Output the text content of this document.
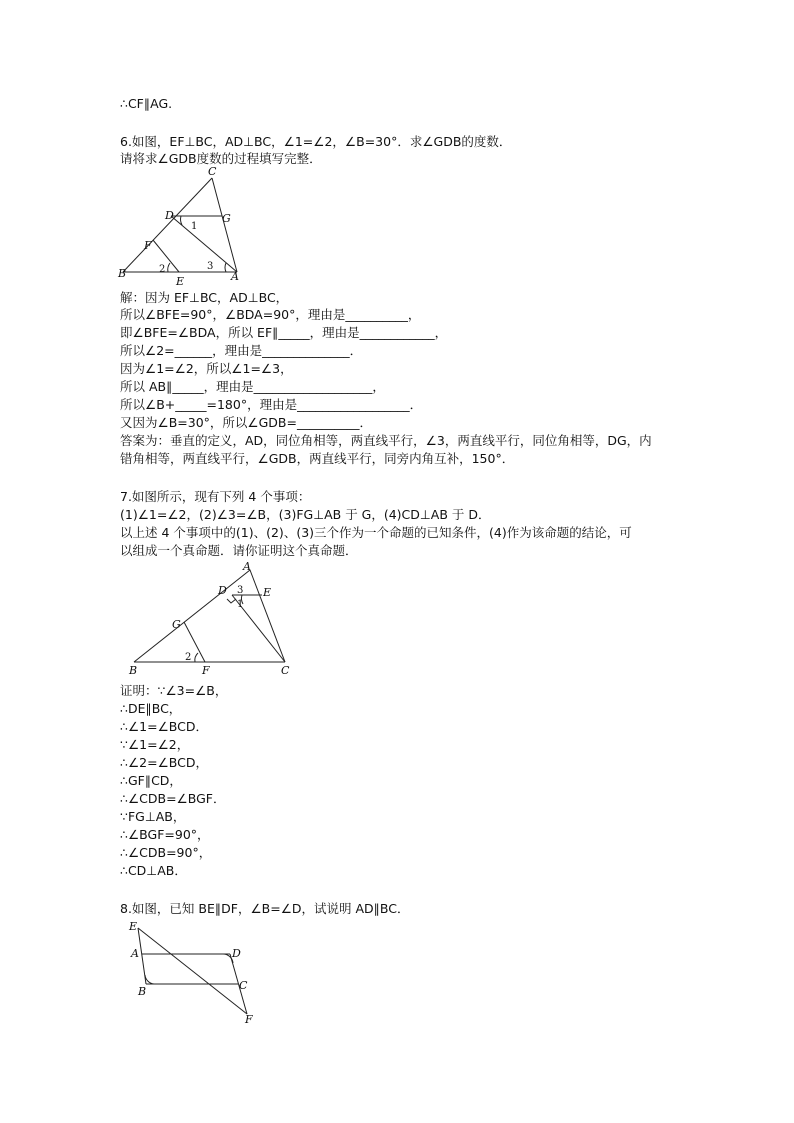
∴CF∥AG.
6.如图，EF⊥BC，AD⊥BC，∠1=∠2，∠B=30°．求∠GDB的度数．
请将求∠GDB度数的过程填写完整．
C
D	G
1
F
2	3
B
E	A
解：因为 EF⊥BC，AD⊥BC，
所以∠BFE=90°，∠BDA=90°，理由是__________，
即∠BFE=∠BDA，所以 EF∥_____，理由是____________，
所以∠2=______，理由是______________．
因为∠1=∠2，所以∠1=∠3，
所以 AB∥_____，理由是___________________，
所以∠B+_____=180°，理由是__________________．
又因为∠B=30°，所以∠GDB=__________．
答案为：垂直的定义，AD，同位角相等，两直线平行，∠3，两直线平行，同位角相等，DG，内
错角相等，两直线平行，∠GDB，两直线平行，同旁内角互补，150°．
7.如图所示，现有下列 4 个事项：
(1)∠1=∠2，(2)∠3=∠B，(3)FG⊥AB 于 G，(4)CD⊥AB 于 D．
以上述 4 个事项中的(1)、(2)、(3)三个作为一个命题的已知条件，(4)作为该命题的结论，可
以组成一个真命题．请你证明这个真命题．
A
D 3 E
1
G
2
B	F	C
证明：∵∠3=∠B，
∴DE∥BC，
∴∠1=∠BCD．
∵∠1=∠2，
∴∠2=∠BCD，
∴GF∥CD，
∴∠CDB=∠BGF．
∵FG⊥AB，
∴∠BGF=90°，
∴∠CDB=90°，
∴CD⊥AB．
8.如图，已知 BE∥DF，∠B=∠D，试说明 AD∥BC．
E
A	D
B	C
F
